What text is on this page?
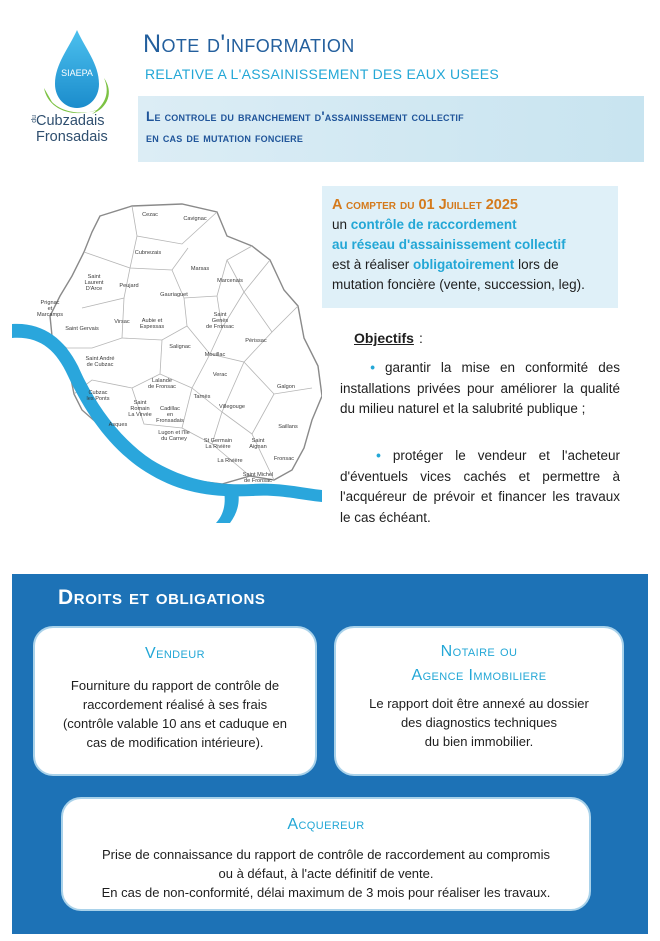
SIAEPA
du
Cubzadais
Fronsadais
Note d'information
RELATIVE A L'ASSAINISSEMENT DES EAUX USEES
Le controle du branchement d'assainissement collectif
en cas de mutation fonciere
Cezac
Cavignac
Cubnezais
Marsas
Marcenais
Saint Laurent D'Arce	Peujard
Gauriaguet
Prignac et Marcamps
Virsac	Aubie et Espessas
Saint Genès de Fronsac
Saint Gervais
Périssac
Salignac
Saint André de Cubzac
Mouillac
Lalande de Fronsac
Verac
Galgon
Cubzac les Ponts
Saint Romain La Virvée
Tarnès
Cadillac en Fronsadais
Villegouge
Asques
Lugon et l'Ile du Carney
Saillans
St Germain La Rivière
Saint Aignan
Fronsac
La Rivière
Saint Michel de Fronsac
A compter du 01 Juillet 2025
un contrôle de raccordement
au réseau d'assainissement collectif
est à réaliser obligatoirement lors de
mutation foncière (vente, succession, leg).
Objectifs :
• garantir la mise en conformité des installations privées pour améliorer la qualité du milieu naturel et la salubrité publique ;
• protéger le vendeur et l'acheteur d'éventuels vices cachés et permettre à l'acquéreur de prévoir et financer les travaux le cas échéant.
Droits et obligations
Vendeur
Fourniture du rapport de contrôle de
raccordement réalisé à ses frais
(contrôle valable 10 ans et caduque en
cas de modification intérieure).
Notaire ou
Agence Immobiliere
Le rapport doit être annexé au dossier
des diagnostics techniques
du bien immobilier.
Acquereur
Prise de connaissance du rapport de contrôle de raccordement au compromis
ou à défaut, à l'acte définitif de vente.
En cas de non-conformité, délai maximum de 3 mois pour réaliser les travaux.
